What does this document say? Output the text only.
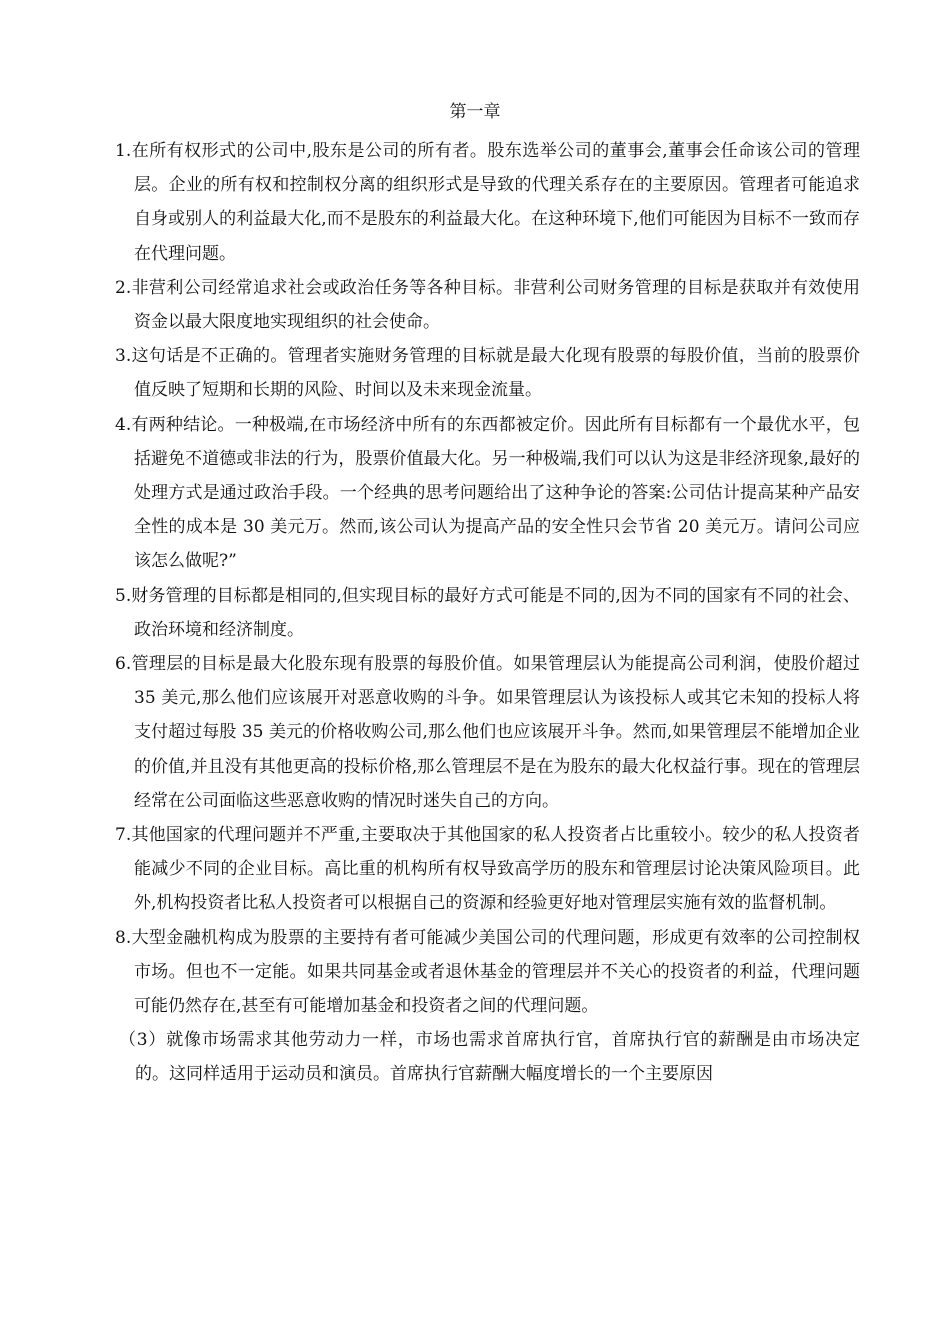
第一章

1.在所有权形式的公司中,股东是公司的所有者。股东选举公司的董事会,董事会任命该公司的管理层。企业的所有权和控制权分离的组织形式是导致的代理关系存在的主要原因。管理者可能追求自身或别人的利益最大化,而不是股东的利益最大化。在这种环境下,他们可能因为目标不一致而存在代理问题。

2.非营利公司经常追求社会或政治任务等各种目标。非营利公司财务管理的目标是获取并有效使用资金以最大限度地实现组织的社会使命。

3.这句话是不正确的。管理者实施财务管理的目标就是最大化现有股票的每股价值，当前的股票价值反映了短期和长期的风险、时间以及未来现金流量。

4.有两种结论。一种极端,在市场经济中所有的东西都被定价。因此所有目标都有一个最优水平，包括避免不道德或非法的行为，股票价值最大化。另一种极端,我们可以认为这是非经济现象,最好的处理方式是通过政治手段。一个经典的思考问题给出了这种争论的答案:公司估计提高某种产品安全性的成本是 30 美元万。然而,该公司认为提高产品的安全性只会节省 20 美元万。请问公司应该怎么做呢?”

5.财务管理的目标都是相同的,但实现目标的最好方式可能是不同的,因为不同的国家有不同的社会、政治环境和经济制度。

6.管理层的目标是最大化股东现有股票的每股价值。如果管理层认为能提高公司利润，使股价超过 35 美元,那么他们应该展开对恶意收购的斗争。如果管理层认为该投标人或其它未知的投标人将支付超过每股 35 美元的价格收购公司,那么他们也应该展开斗争。然而,如果管理层不能增加企业的价值,并且没有其他更高的投标价格,那么管理层不是在为股东的最大化权益行事。现在的管理层经常在公司面临这些恶意收购的情况时迷失自己的方向。

7.其他国家的代理问题并不严重,主要取决于其他国家的私人投资者占比重较小。较少的私人投资者能减少不同的企业目标。高比重的机构所有权导致高学历的股东和管理层讨论决策风险项目。此外,机构投资者比私人投资者可以根据自己的资源和经验更好地对管理层实施有效的监督机制。

8.大型金融机构成为股票的主要持有者可能减少美国公司的代理问题，形成更有效率的公司控制权市场。但也不一定能。如果共同基金或者退休基金的管理层并不关心的投资者的利益，代理问题可能仍然存在,甚至有可能增加基金和投资者之间的代理问题。

（3）就像市场需求其他劳动力一样，市场也需求首席执行官，首席执行官的薪酬是由市场决定的。这同样适用于运动员和演员。首席执行官薪酬大幅度增长的一个主要原因
